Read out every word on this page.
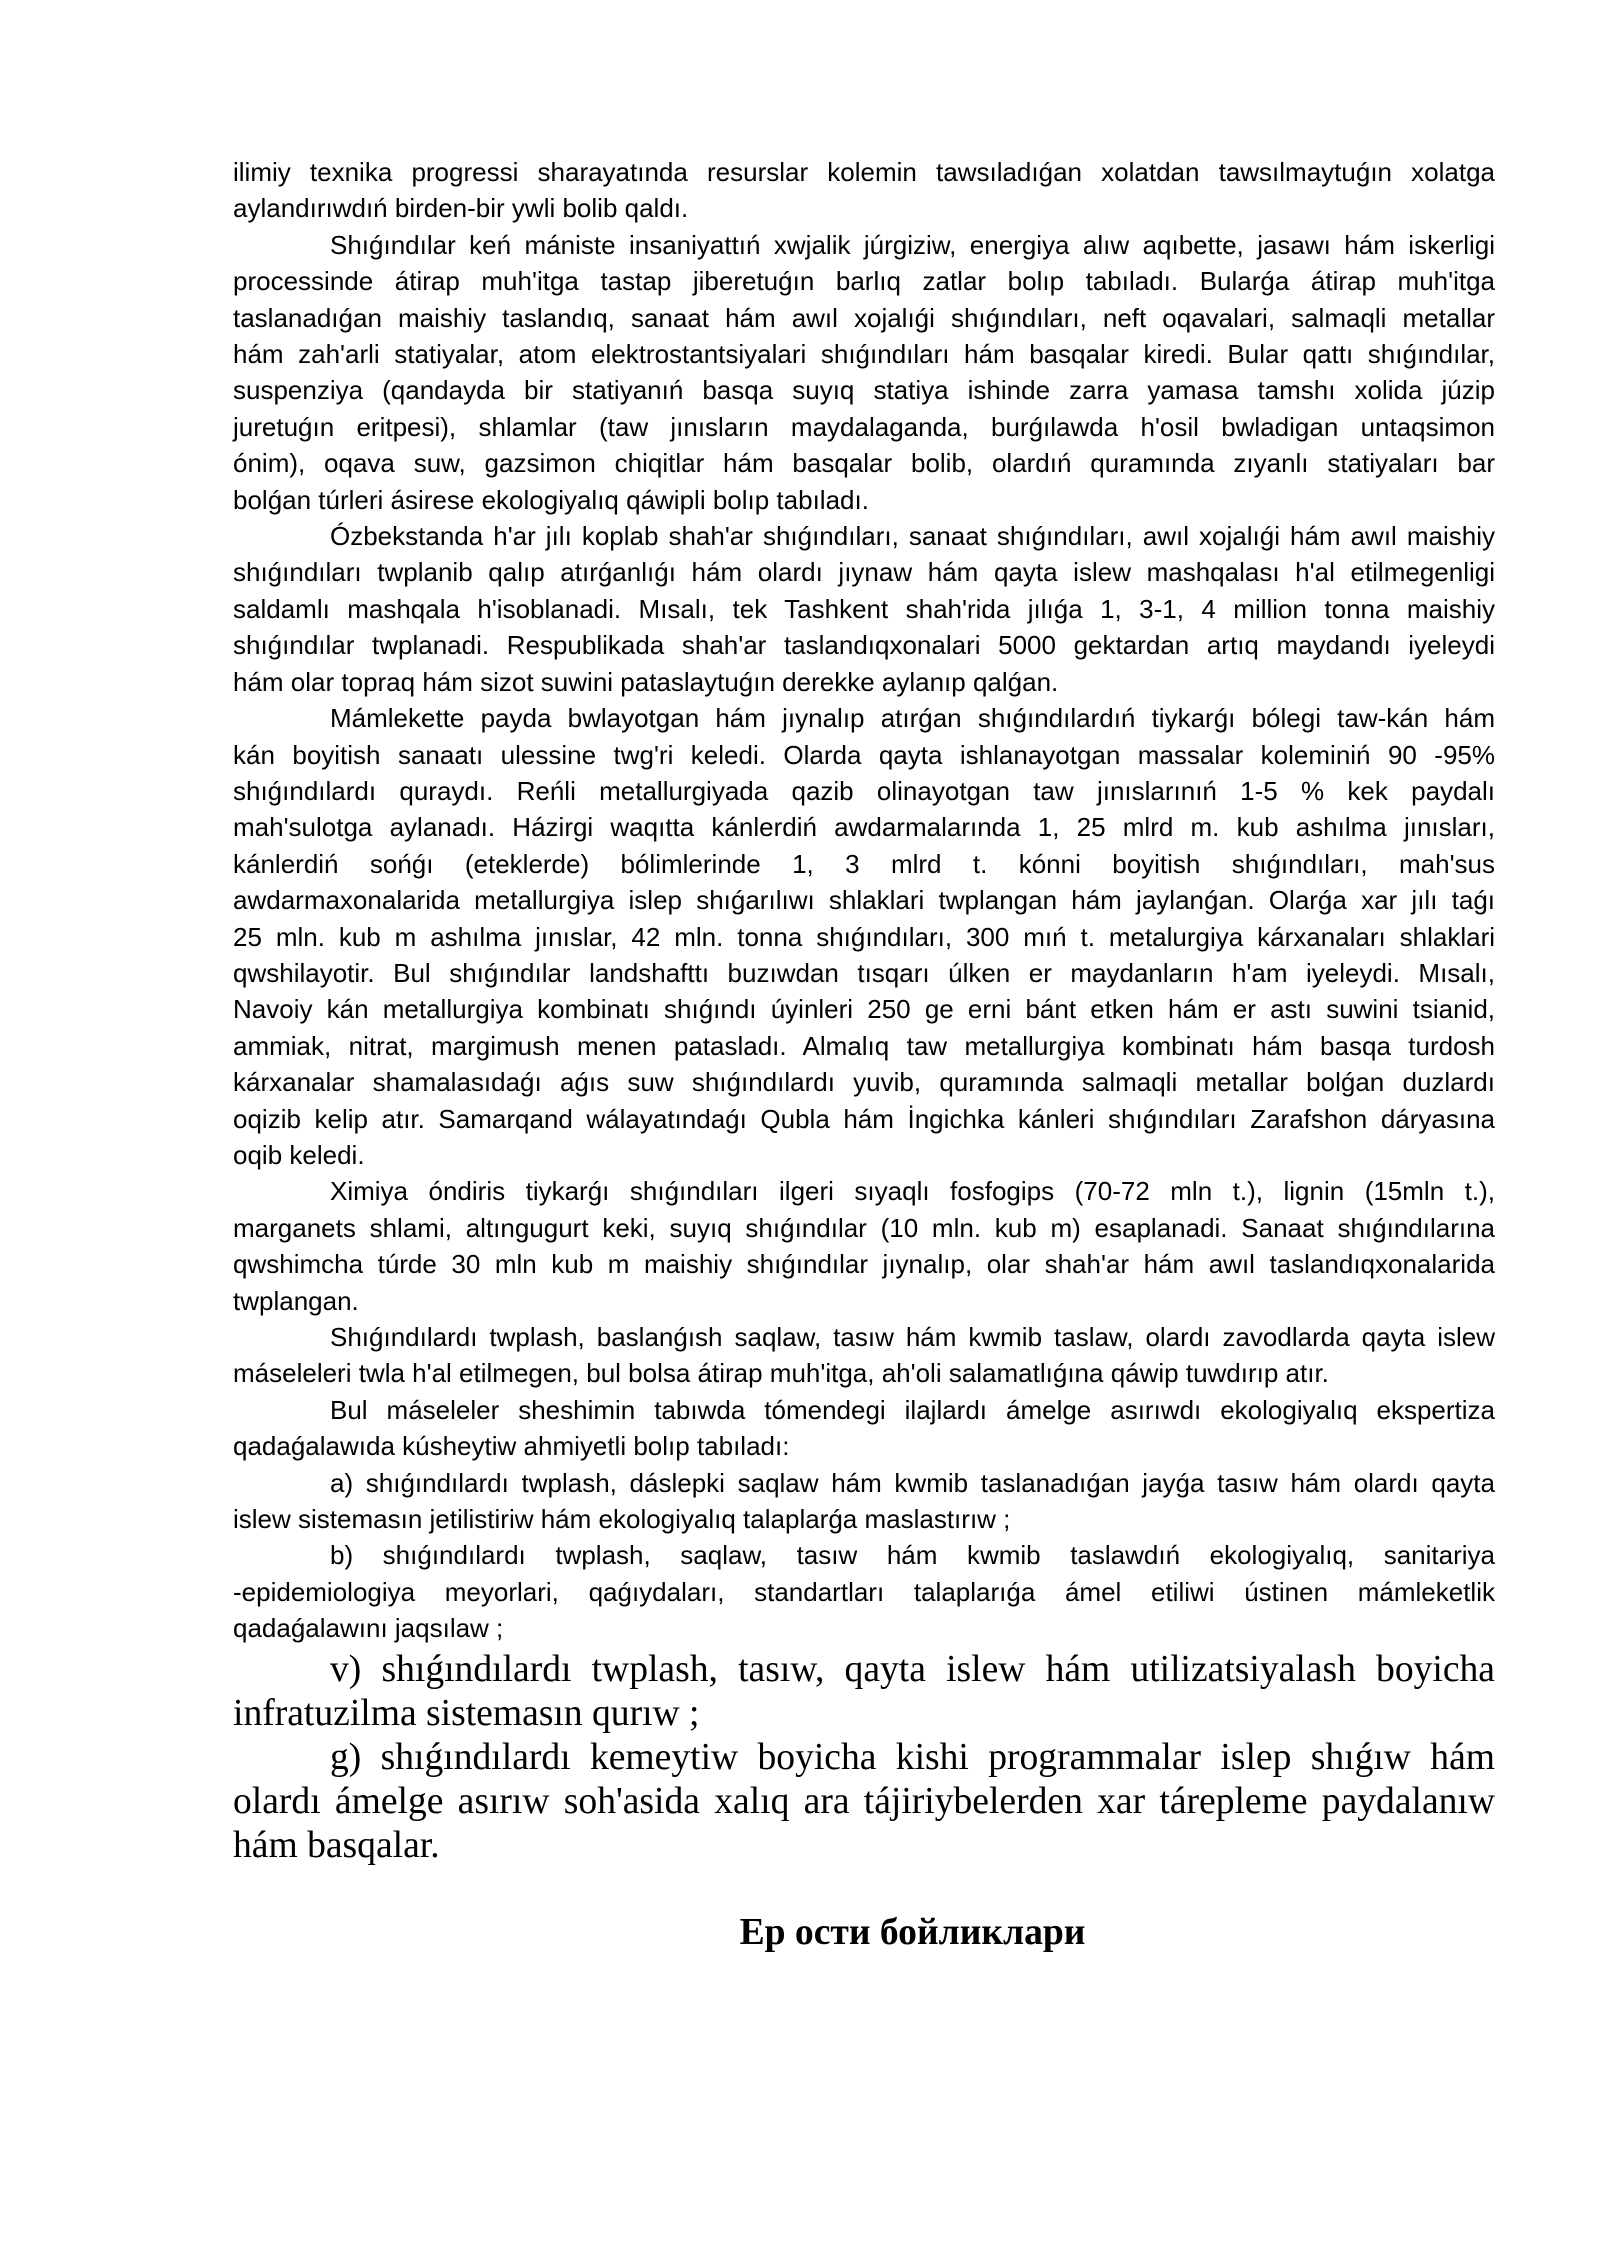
ilimiy texnika progressi sharayatında resurslar kolemin tawsıladıǵan xolatdan tawsılmaytuǵın xolatga
aylandırıwdıń birden-bir ywli bolib qaldı.
Shıǵındılar keń mániste insaniyattıń xwjalik júrgiziw, energiya alıw aqıbette, jasawı hám iskerligi
processinde átirap muh'itga tastap jiberetuǵın barlıq zatlar bolıp tabıladı. Bularǵa átirap muh'itga
taslanadıǵan maishiy taslandıq, sanaat hám awıl xojalıǵi shıǵındıları, neft oqavalari, salmaqli metallar
hám zah'arli statiyalar, atom elektrostantsiyalari shıǵındıları hám basqalar kiredi. Bular qattı shıǵındılar,
suspenziya (qandayda bir statiyanıń basqa suyıq statiya ishinde zarra yamasa tamshı xolida júzip
juretuǵın eritpesi), shlamlar (taw jınısların maydalaganda, burǵılawda h'osil bwladigan untaqsimon
ónim), oqava suw, gazsimon chiqitlar hám basqalar bolib, olardıń quramında zıyanlı statiyaları bar
bolǵan túrleri ásirese ekologiyalıq qáwipli bolıp tabıladı.
Ózbekstanda h'ar jılı koplab shah'ar shıǵındıları, sanaat shıǵındıları, awıl xojalıǵi hám awıl maishiy
shıǵındıları twplanib qalıp atırǵanlıǵı hám olardı jıynaw hám qayta islew mashqalası h'al etilmegenligi
saldamlı mashqala h'isoblanadi. Mısalı, tek Tashkent shah'rida jılıǵa 1, 3-1, 4 million tonna maishiy
shıǵındılar twplanadi. Respublikada shah'ar taslandıqxonalari 5000 gektardan artıq maydandı iyeleydi
hám olar topraq hám sizot suwini pataslaytuǵın derekke aylanıp qalǵan.
Mámlekette payda bwlayotgan hám jıynalıp atırǵan shıǵındılardıń tiykarǵı bólegi taw-kán hám
kán boyitish sanaatı ulessine twg'ri keledi. Olarda qayta ishlanayotgan massalar koleminiń 90 -95%
shıǵındılardı quraydı. Reńli metallurgiyada qazib olinayotgan taw jınıslarınıń 1-5 % kek paydalı
mah'sulotga aylanadı. Házirgi waqıtta kánlerdiń awdarmalarında 1, 25 mlrd m. kub ashılma jınısları,
kánlerdiń sońǵı (eteklerde) bólimlerinde 1, 3 mlrd t. kónni boyitish shıǵındıları, mah'sus
awdarmaxonalarida metallurgiya islep shıǵarılıwı shlaklari twplangan hám jaylanǵan. Olarǵa xar jılı taǵı
25 mln. kub m ashılma jınıslar, 42 mln. tonna shıǵındıları, 300 mıń t. metalurgiya kárxanaları shlaklari
qwshilayotir. Bul shıǵındılar landshafttı buzıwdan tısqarı úlken er maydanların h'am iyeleydi. Mısalı,
Navoiy kán metallurgiya kombinatı shıǵındı úyinleri 250 ge erni bánt etken hám er astı suwini tsianid,
ammiak, nitrat, margimush menen patasladı. Almalıq taw metallurgiya kombinatı hám basqa turdosh
kárxanalar shamalasıdaǵı aǵıs suw shıǵındılardı yuvib, quramında salmaqli metallar bolǵan duzlardı
oqizib kelip atır. Samarqand wálayatındaǵı Qubla hám İngichka kánleri shıǵındıları Zarafshon dáryasına
oqib keledi.
Ximiya óndiris tiykarǵı shıǵındıları ilgeri sıyaqlı fosfogips (70-72 mln t.), lignin (15mln t.),
marganets shlami, altıngugurt keki, suyıq shıǵındılar (10 mln. kub m) esaplanadi. Sanaat shıǵındılarına
qwshimcha túrde 30 mln kub m maishiy shıǵındılar jıynalıp, olar shah'ar hám awıl taslandıqxonalarida
twplangan.
Shıǵındılardı twplash, baslanǵısh saqlaw, tasıw hám kwmib taslaw, olardı zavodlarda qayta islew
máseleleri twla h'al etilmegen, bul bolsa átirap muh'itga, ah'oli salamatlıǵına qáwip tuwdırıp atır.
Bul máseleler sheshimin tabıwda tómendegi ilajlardı ámelge asırıwdı ekologiyalıq ekspertiza
qadaǵalawıda kúsheytiw ahmiyetli bolıp tabıladı:
a) shıǵındılardı twplash, dáslepki saqlaw hám kwmib taslanadıǵan jayǵa tasıw hám olardı qayta
islew sistemasın jetilistiriw hám ekologiyalıq talaplarǵa maslastırıw ;
b) shıǵındılardı twplash, saqlaw, tasıw hám kwmib taslawdıń ekologiyalıq, sanitariya
-epidemiologiya meyorlari, qaǵıydaları, standartları talaplarıǵa ámel etiliwi ústinen mámleketlik
qadaǵalawını jaqsılaw ;
v) shıǵındılardı twplash, tasıw, qayta islew hám utilizatsiyalash boyicha
infratuzilma sistemasın qurıw ;
g) shıǵındılardı kemeytiw boyicha kishi programmalar islep shıǵıw hám
olardı ámelge asırıw soh'asida xalıq ara tájiriybelerden xar tárepleme paydalanıw
hám basqalar.
Ер ости бойликлари
